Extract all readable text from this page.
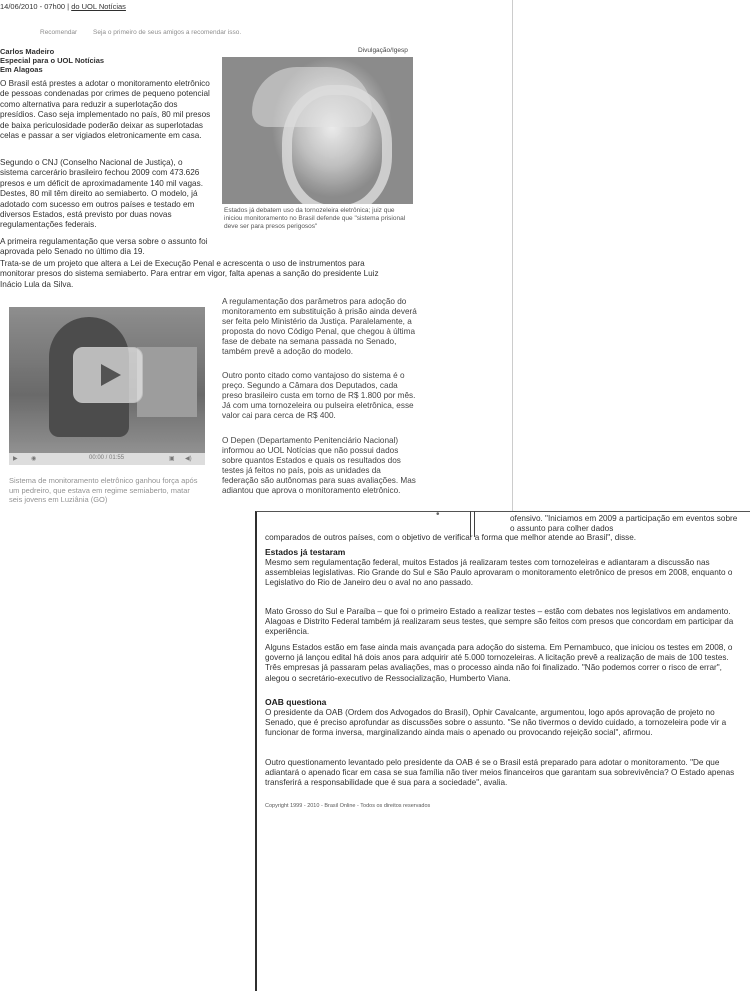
14/06/2010 - 07h00 | do UOL Notícias
Recomendar Seja o primeiro de seus amigos a recomendar isso.
Carlos Madeiro
Especial para o UOL Notícias
Em Alagoas
Divulgação/Igesp
Estados já debatem uso da tornozeleira eletrônica; juiz que iniciou monitoramento no Brasil defende que "sistema prisional deve ser para presos perigosos"

O Brasil está prestes a adotar o monitoramento eletrônico de pessoas condenadas por crimes de pequeno potencial como alternativa para reduzir a superlotação dos presídios. Caso seja implementado no país, 80 mil presos de baixa periculosidade poderão deixar as superlotadas celas e passar a ser vigiados eletronicamente em casa.

Segundo o CNJ (Conselho Nacional de Justiça), o sistema carcerário brasileiro fechou 2009 com 473.626 presos e um déficit de aproximadamente 140 mil vagas. Destes, 80 mil têm direito ao semiaberto. O modelo, já adotado com sucesso em outros países e testado em diversos Estados, está previsto por duas novas regulamentações federais.

A primeira regulamentação que versa sobre o assunto foi aprovada pelo Senado no último dia 19.

Trata-se de um projeto que altera a Lei de Execução Penal e acrescenta o uso de instrumentos para monitorar presos do sistema semiaberto. Para entrar em vigor, falta apenas a sanção do presidente Luiz Inácio Lula da Silva.

▶ ◉	00:00 / 01:55	▣ ◀)
Sistema de monitoramento eletrônico ganhou força após um pedreiro, que estava em regime semiaberto, matar seis jovens em Luziânia (GO)

A regulamentação dos parâmetros para adoção do monitoramento em substituição à prisão ainda deverá ser feita pelo Ministério da Justiça. Paralelamente, a proposta do novo Código Penal, que chegou à última fase de debate na semana passada no Senado, também prevê a adoção do modelo.

Outro ponto citado como vantajoso do sistema é o preço. Segundo a Câmara dos Deputados, cada preso brasileiro custa em torno de R$ 1.800 por mês. Já com uma tornozeleira ou pulseira eletrônica, esse valor cai para cerca de R$ 400.

O Depen (Departamento Penitenciário Nacional) informou ao UOL Notícias que não possui dados sobre quantos Estados e quais os resultados dos testes já feitos no país, pois as unidades da federação são autônomas para suas avaliações. Mas adiantou que aprova o monitoramento eletrônico.

•	ofensivo. "Iniciamos em 2009 a participação em eventos sobre o assunto para colher dados

comparados de outros países, com o objetivo de verificar a forma que melhor atende ao Brasil", disse.

Estados já testaram

Mesmo sem regulamentação federal, muitos Estados já realizaram testes com tornozeleiras e adiantaram a discussão nas assembleias legislativas. Rio Grande do Sul e São Paulo aprovaram o monitoramento eletrônico de presos em 2008, enquanto o Legislativo do Rio de Janeiro deu o aval no ano passado.

Mato Grosso do Sul e Paraíba – que foi o primeiro Estado a realizar testes – estão com debates nos legislativos em andamento. Alagoas e Distrito Federal também já realizaram seus testes, que sempre são feitos com presos que concordam em participar da experiência.

Alguns Estados estão em fase ainda mais avançada para adoção do sistema. Em Pernambuco, que iniciou os testes em 2008, o governo já lançou edital há dois anos para adquirir até 5.000 tornozeleiras. A licitação prevê a realização de mais de 100 testes. Três empresas já passaram pelas avaliações, mas o processo ainda não foi finalizado. "Não podemos correr o risco de errar", alegou o secretário-executivo de Ressocialização, Humberto Viana.

OAB questiona

O presidente da OAB (Ordem dos Advogados do Brasil), Ophir Cavalcante, argumentou, logo após aprovação de projeto no Senado, que é preciso aprofundar as discussões sobre o assunto. "Se não tivermos o devido cuidado, a tornozeleira pode vir a funcionar de forma inversa, marginalizando ainda mais o apenado ou provocando rejeição social", afirmou.

Outro questionamento levantado pelo presidente da OAB é se o Brasil está preparado para adotar o monitoramento. "De que adiantará o apenado ficar em casa se sua família não tiver meios financeiros que garantam sua sobrevivência? O Estado apenas transferirá a responsabilidade que é sua para a sociedade", avalia.

Copyright 1999 - 2010 - Brasil Online - Todos os direitos reservados
